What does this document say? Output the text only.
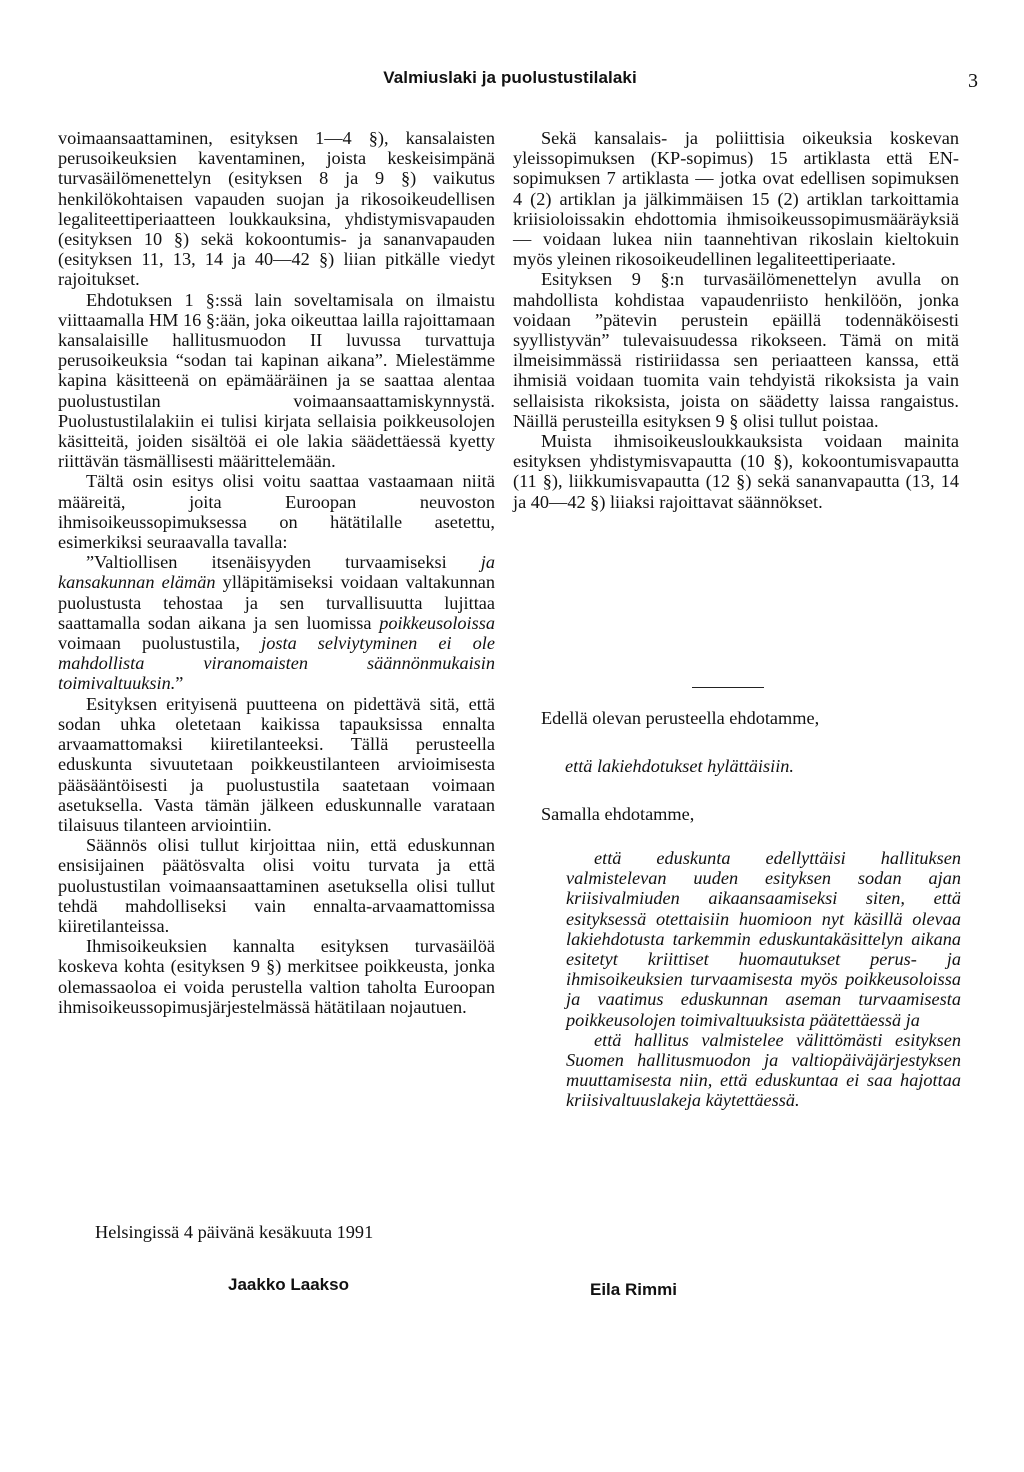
Valmiuslaki ja puolustustilalaki	3

voimaansaattaminen, esityksen 1—4 §), kansalaisten perusoikeuksien kaventaminen, joista keskeisimpänä turvasäilömenettelyn (esityksen 8 ja 9 §) vaikutus henkilökohtaisen vapauden suojan ja rikosoikeudellisen legaliteettiperiaatteen loukkauksina, yhdistymisvapauden (esityksen 10 §) sekä kokoontumis- ja sananvapauden (esityksen 11, 13, 14 ja 40—42 §) liian pitkälle viedyt rajoitukset.

Ehdotuksen 1 §:ssä lain soveltamisala on ilmaistu viittaamalla HM 16 §:ään, joka oikeuttaa lailla rajoittamaan kansalaisille hallitusmuodon II luvussa turvattuja perusoikeuksia “sodan tai kapinan aikana”. Mielestämme kapina käsitteenä on epämääräinen ja se saattaa alentaa puolustustilan voimaansaattamiskynnystä. Puolustustilalakiin ei tulisi kirjata sellaisia poikkeusolojen käsitteitä, joiden sisältöä ei ole lakia säädettäessä kyetty riittävän täsmällisesti määrittelemään.

Tältä osin esitys olisi voitu saattaa vastaamaan niitä määreitä, joita Euroopan neuvoston ihmisoikeussopimuksessa on hätätilalle asetettu, esimerkiksi seuraavalla tavalla:

”Valtiollisen itsenäisyyden turvaamiseksi ja kansakunnan elämän ylläpitämiseksi voidaan valtakunnan puolustusta tehostaa ja sen turvallisuutta lujittaa saattamalla sodan aikana ja sen luomissa poikkeusoloissa voimaan puolustustila, josta selviytyminen ei ole mahdollista viranomaisten säännönmukaisin toimivaltuuksin.”

Esityksen erityisenä puutteena on pidettävä sitä, että sodan uhka oletetaan kaikissa tapauksissa ennalta arvaamattomaksi kiiretilanteeksi. Tällä perusteella eduskunta sivuutetaan poikkeustilanteen arvioimisesta pääsääntöisesti ja puolustustila saatetaan voimaan asetuksella. Vasta tämän jälkeen eduskunnalle varataan tilaisuus tilanteen arviointiin.

Säännös olisi tullut kirjoittaa niin, että eduskunnan ensisijainen päätösvalta olisi voitu turvata ja että puolustustilan voimaansaattaminen asetuksella olisi tullut tehdä mahdolliseksi vain ennalta-arvaamattomissa kiiretilanteissa.

Ihmisoikeuksien kannalta esityksen turvasäilöä koskeva kohta (esityksen 9 §) merkitsee poikkeusta, jonka olemassaoloa ei voida perustella valtion taholta Euroopan ihmisoikeussopimusjärjestelmässä hätätilaan nojautuen.

Sekä kansalais- ja poliittisia oikeuksia koskevan yleissopimuksen (KP-sopimus) 15 artiklasta että EN-sopimuksen 7 artiklasta — jotka ovat edellisen sopimuksen 4 (2) artiklan ja jälkimmäisen 15 (2) artiklan tarkoittamia kriisioloissakin ehdottomia ihmisoikeussopimusmääräyksiä — voidaan lukea niin taannehtivan rikoslain kieltokuin myös yleinen rikosoikeudellinen legaliteettiperiaate.

Esityksen 9 §:n turvasäilömenettelyn avulla on mahdollista kohdistaa vapaudenriisto henkilöön, jonka voidaan ”pätevin perustein epäillä todennäköisesti syyllistyvän” tulevaisuudessa rikokseen. Tämä on mitä ilmeisimmässä ristiriidassa sen periaatteen kanssa, että ihmisiä voidaan tuomita vain tehdyistä rikoksista ja vain sellaisista rikoksista, joista on säädetty laissa rangaistus. Näillä perusteilla esityksen 9 § olisi tullut poistaa.

Muista ihmisoikeusloukkauksista voidaan mainita esityksen yhdistymisvapautta (10 §), kokoontumisvapautta (11 §), liikkumisvapautta (12 §) sekä sananvapautta (13, 14 ja 40—42 §) liiaksi rajoittavat säännökset.

Edellä olevan perusteella ehdotamme,

että lakiehdotukset hylättäisiin.

Samalla ehdotamme,

että eduskunta edellyttäisi hallituksen valmistelevan uuden esityksen sodan ajan kriisivalmiuden aikaansaamiseksi siten, että esityksessä otettaisiin huomioon nyt käsillä olevaa lakiehdotusta tarkemmin eduskuntakäsittelyn aikana esitetyt kriittiset huomautukset perus- ja ihmisoikeuksien turvaamisesta myös poikkeusoloissa ja vaatimus eduskunnan aseman turvaamisesta poikkeusolojen toimivaltuuksista päätettäessä ja

että hallitus valmistelee välittömästi esityksen Suomen hallitusmuodon ja valtiopäiväjärjestyksen muuttamisesta niin, että eduskuntaa ei saa hajottaa kriisivaltuuslakeja käytettäessä.

Helsingissä 4 päivänä kesäkuuta 1991
Jaakko Laakso	Eila Rimmi
